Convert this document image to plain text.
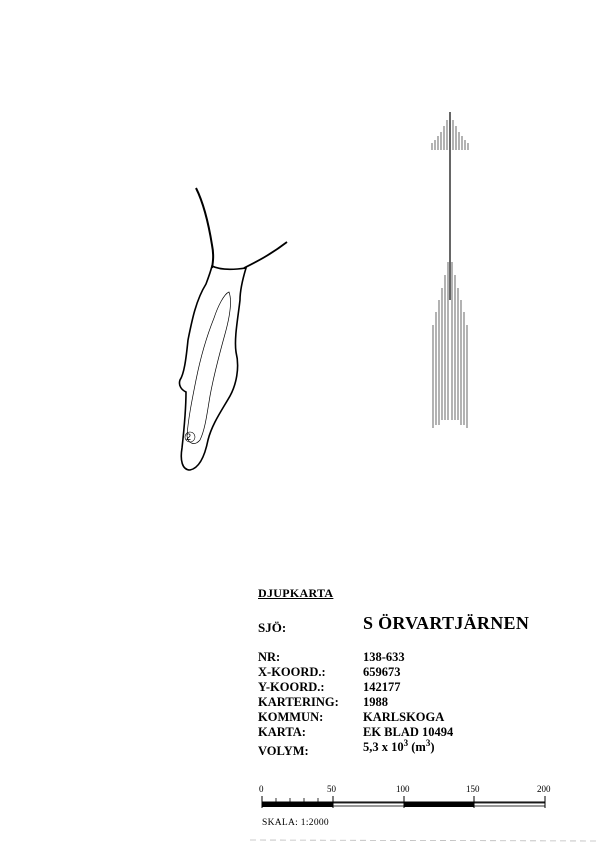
2
0	50	100	150	200
DJUPKARTA
SJÖ:	S ÖRVARTJÄRNEN
NR:	138-633
X-KOORD.:	659673
Y-KOORD.:	142177
KARTERING: 1988
KOMMUN:	KARLSKOGA
KARTA:	EK BLAD 10494
VOLYM:	5,3 x $10^3$ $(m^3)$
SKALA: 1:2000
